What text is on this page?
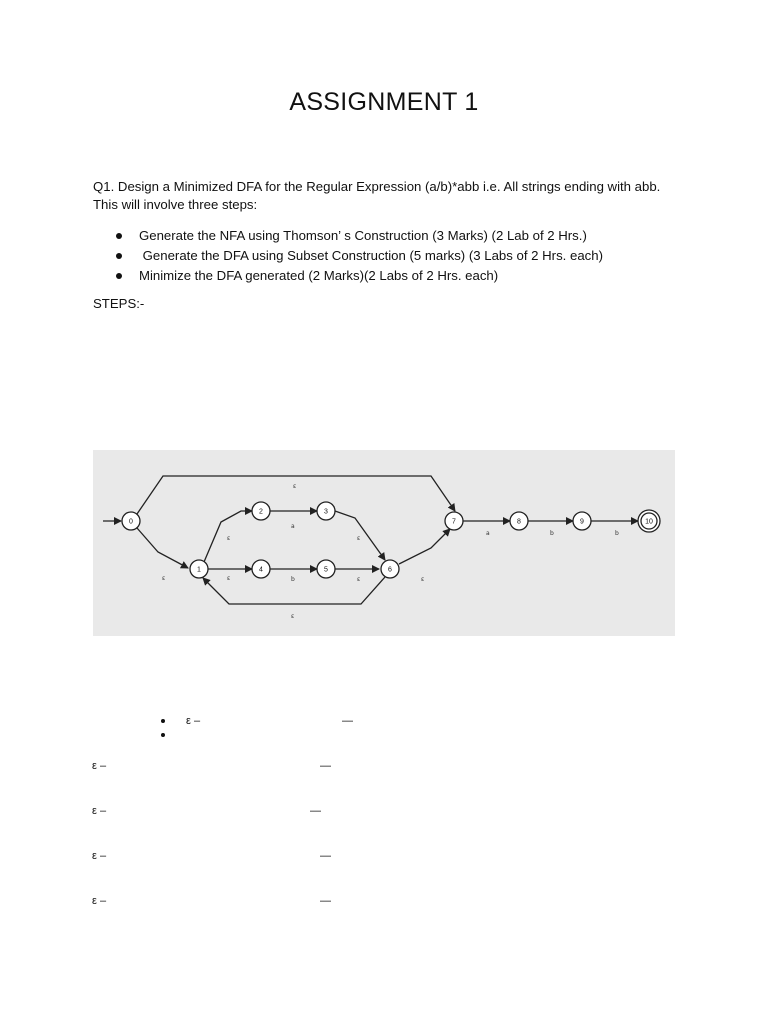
ASSIGNMENT 1
Q1. Design a Minimized DFA for the Regular Expression (a/b)*abb i.e. All strings ending with abb.
This will involve three steps:
Generate the NFA using Thomson’ s Construction (3 Marks) (2 Lab of 2 Hrs.)
Generate the DFA using Subset Construction (5 marks) (3 Labs of 2 Hrs. each)
Minimize the DFA generated (2 Marks)(2 Labs of 2 Hrs. each)
STEPS:-
ε
ε
ε
ε
a
b
ε
ε
ε
ε
a	b	b
0
1
2	3
4	5	6
7	8	9	10
ε –	—
ε –	—
ε –	—
ε –	—
ε –	—
